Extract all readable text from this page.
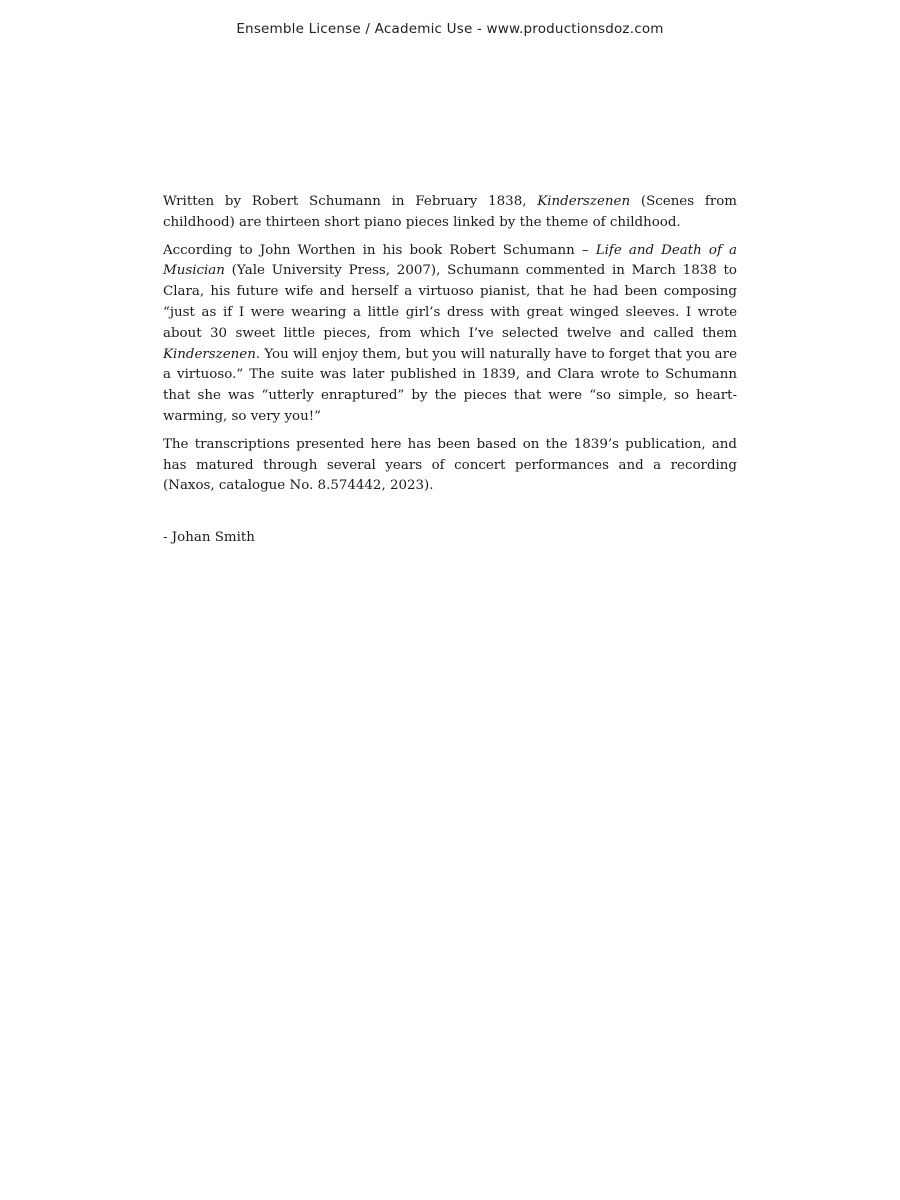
Ensemble License / Academic Use - www.productionsdoz.com

Written by Robert Schumann in February 1838, Kinderszenen (Scenes from childhood) are thirteen short piano pieces linked by the theme of childhood.

According to John Worthen in his book Robert Schumann – Life and Death of a Musician (Yale University Press, 2007), Schumann commented in March 1838 to Clara, his future wife and herself a virtuoso pianist, that he had been composing “just as if I were wearing a little girl’s dress with great winged sleeves. I wrote about 30 sweet little pieces, from which I’ve selected twelve and called them Kinderszenen. You will enjoy them, but you will naturally have to forget that you are a virtuoso.” The suite was later published in 1839, and Clara wrote to Schumann that she was “utterly enraptured” by the pieces that were “so simple, so heart-warming, so very you!”

The transcriptions presented here has been based on the 1839’s publication, and has matured through several years of concert performances and a recording (Naxos, catalogue No. 8.574442, 2023).

- Johan Smith
